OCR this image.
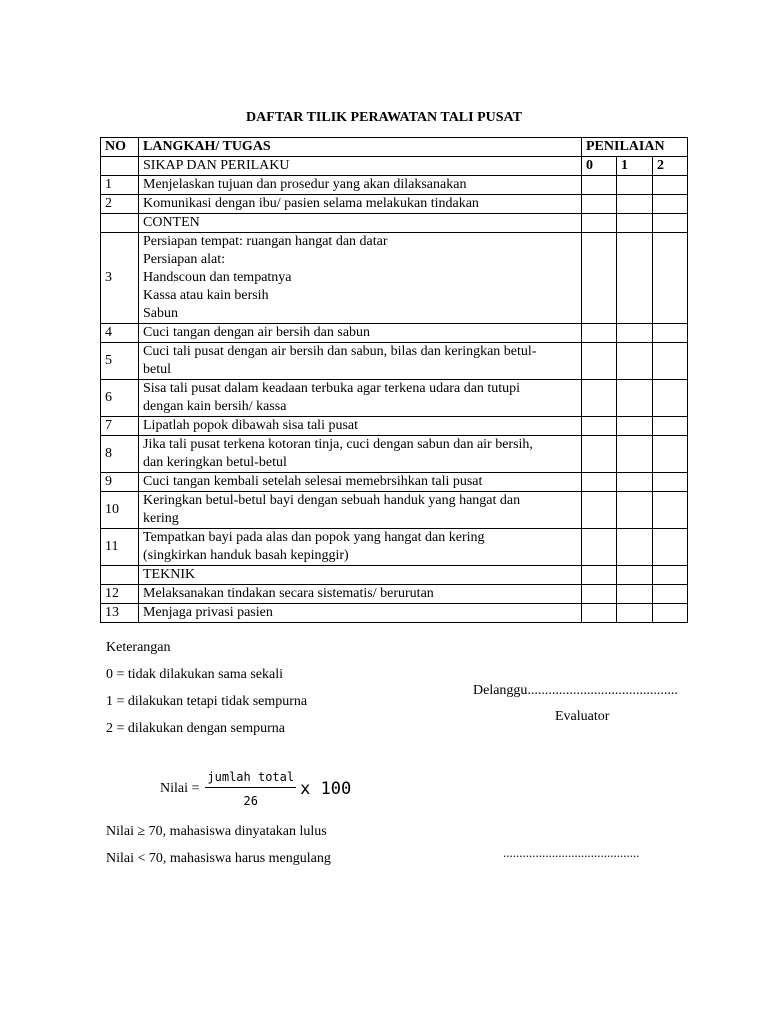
DAFTAR TILIK PERAWATAN TALI PUSAT
NO	LANGKAH/ TUGAS	PENILAIAN		
	SIKAP DAN PERILAKU	0	1	2
1	Menjelaskan tujuan dan prosedur yang akan dilaksanakan			
2	Komunikasi dengan ibu/ pasien selama melakukan tindakan			
	CONTEN			
3	Persiapan tempat: ruangan hangat dan datar
Persiapan alat:
Handscoun dan tempatnya
Kassa atau kain bersih
Sabun			

4	Cuci tangan dengan air bersih dan sabun			
5	Cuci tali pusat dengan air bersih dan sabun, bilas dan keringkan betul-
betul			

6	Sisa tali pusat dalam keadaan terbuka agar terkena udara dan tutupi
dengan kain bersih/ kassa			

7	Lipatlah popok dibawah sisa tali pusat			
8	Jika tali pusat terkena kotoran tinja, cuci dengan sabun dan air bersih,
dan keringkan betul-betul			

9	Cuci tangan kembali setelah selesai memebrsihkan tali pusat			
10	Keringkan betul-betul bayi dengan sebuah handuk yang hangat dan
kering			

11	Tempatkan bayi pada alas dan popok yang hangat dan kering
(singkirkan handuk basah kepinggir)			

	TEKNIK			
12	Melaksanakan tindakan secara sistematis/ berurutan			
13	Menjaga privasi pasien			
Keterangan
0 = tidak dilakukan sama sekali
1 = dilakukan tetapi tidak sempurna
2 = dilakukan dengan sempurna
Delanggu...........................................
Evaluator
..........................................
Nilai = $\frac{\text{jumlah total}}{26}$ x 100
Nilai ≥ 70, mahasiswa dinyatakan lulus
Nilai < 70, mahasiswa harus mengulang
